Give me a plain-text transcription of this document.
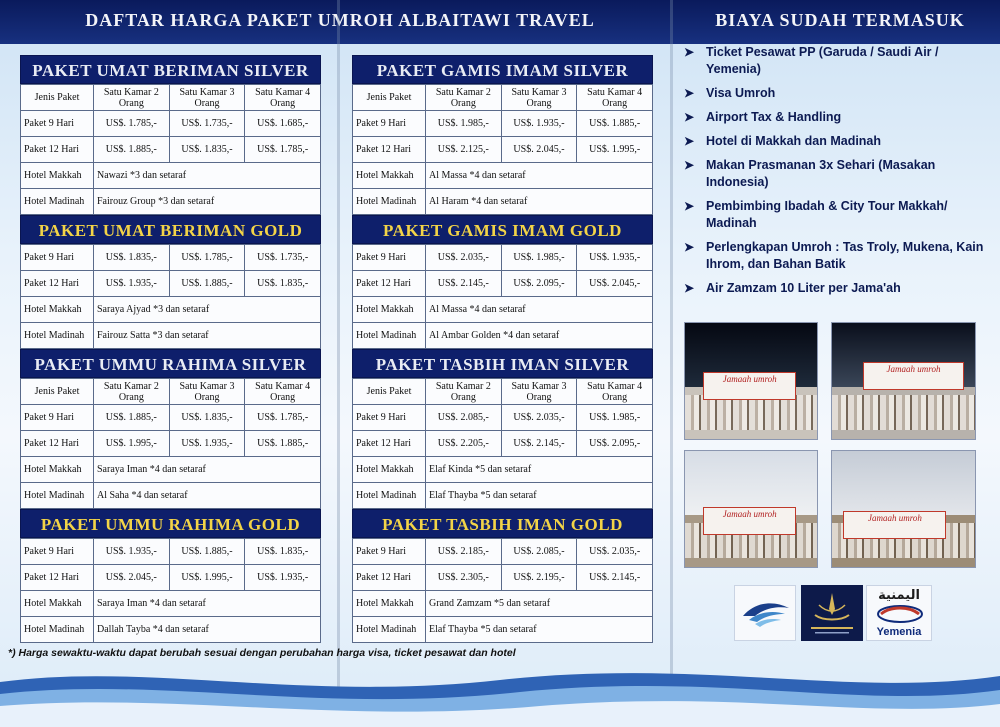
DAFTAR HARGA PAKET UMROH ALBAITAWI TRAVEL	BIAYA SUDAH TERMASUK
PAKET UMAT BERIMAN SILVER
Jenis Paket	Satu Kamar 2 Orang	Satu Kamar 3 Orang	Satu Kamar 4 Orang
Paket 9 Hari	US$. 1.785,-	US$. 1.735,-	US$. 1.685,-
Paket 12 Hari	US$. 1.885,-	US$. 1.835,-	US$. 1.785,-
Hotel Makkah	Nawazi *3 dan setaraf		
Hotel Madinah	Fairouz Group *3 dan setaraf		
PAKET UMAT BERIMAN GOLD
Paket 9 Hari	US$. 1.835,-	US$. 1.785,-	US$. 1.735,-
Paket 12 Hari	US$. 1.935,-	US$. 1.885,-	US$. 1.835,-
Hotel Makkah	Saraya Ajyad *3 dan setaraf		
Hotel Madinah	Fairouz Satta *3 dan setaraf		
PAKET UMMU RAHIMA SILVER
Jenis Paket	Satu Kamar 2 Orang	Satu Kamar 3 Orang	Satu Kamar 4 Orang
Paket 9 Hari	US$. 1.885,-	US$. 1.835,-	US$. 1.785,-
Paket 12 Hari	US$. 1.995,-	US$. 1.935,-	US$. 1.885,-
Hotel Makkah	Saraya Iman *4 dan setaraf		
Hotel Madinah	Al Saha *4 dan setaraf		
PAKET UMMU RAHIMA GOLD
Paket 9 Hari	US$. 1.935,-	US$. 1.885,-	US$. 1.835,-
Paket 12 Hari	US$. 2.045,-	US$. 1.995,-	US$. 1.935,-
Hotel Makkah	Saraya Iman *4 dan setaraf		
Hotel Madinah	Dallah Tayba *4 dan setaraf		
PAKET GAMIS IMAM SILVER
Jenis Paket	Satu Kamar 2 Orang	Satu Kamar 3 Orang	Satu Kamar 4 Orang
Paket 9 Hari	US$. 1.985,-	US$. 1.935,-	US$. 1.885,-
Paket 12 Hari	US$. 2.125,-	US$. 2.045,-	US$. 1.995,-
Hotel Makkah	Al Massa *4 dan setaraf		
Hotel Madinah	Al Haram *4 dan setaraf		
PAKET GAMIS IMAM GOLD
Paket 9 Hari	US$. 2.035,-	US$. 1.985,-	US$. 1.935,-
Paket 12 Hari	US$. 2.145,-	US$. 2.095,-	US$. 2.045,-
Hotel Makkah	Al Massa *4 dan setaraf		
Hotel Madinah	Al Ambar Golden *4 dan setaraf		
PAKET TASBIH IMAN SILVER
Jenis Paket	Satu Kamar 2 Orang	Satu Kamar 3 Orang	Satu Kamar 4 Orang
Paket 9 Hari	US$. 2.085,-	US$. 2.035,-	US$. 1.985,-
Paket 12 Hari	US$. 2.205,-	US$. 2.145,-	US$. 2.095,-
Hotel Makkah	Elaf Kinda *5 dan setaraf		
Hotel Madinah	Elaf Thayba *5 dan setaraf		
PAKET TASBIH IMAN GOLD
Paket 9 Hari	US$. 2.185,-	US$. 2.085,-	US$. 2.035,-
Paket 12 Hari	US$. 2.305,-	US$. 2.195,-	US$. 2.145,-
Hotel Makkah	Grand Zamzam *5 dan setaraf		
Hotel Madinah	Elaf Thayba *5 dan setaraf		
➤ Ticket Pesawat PP (Garuda / Saudi Air / Yemenia)
➤ Visa Umroh
➤ Airport Tax & Handling
➤ Hotel di Makkah dan Madinah
➤ Makan Prasmanan 3x Sehari (Masakan Indonesia)
➤ Pembimbing Ibadah & City Tour Makkah/ Madinah
➤ Perlengkapan Umroh : Tas Troly, Mukena, Kain Ihrom, dan Bahan Batik
➤ Air Zamzam 10 Liter per Jama'ah
Jamaah umroh
Jamaah umroh
Jamaah umroh	Jamaah umroh
اليمنية
Yemenia
*) Harga sewaktu-waktu dapat berubah sesuai dengan perubahan harga visa, ticket pesawat dan hotel
